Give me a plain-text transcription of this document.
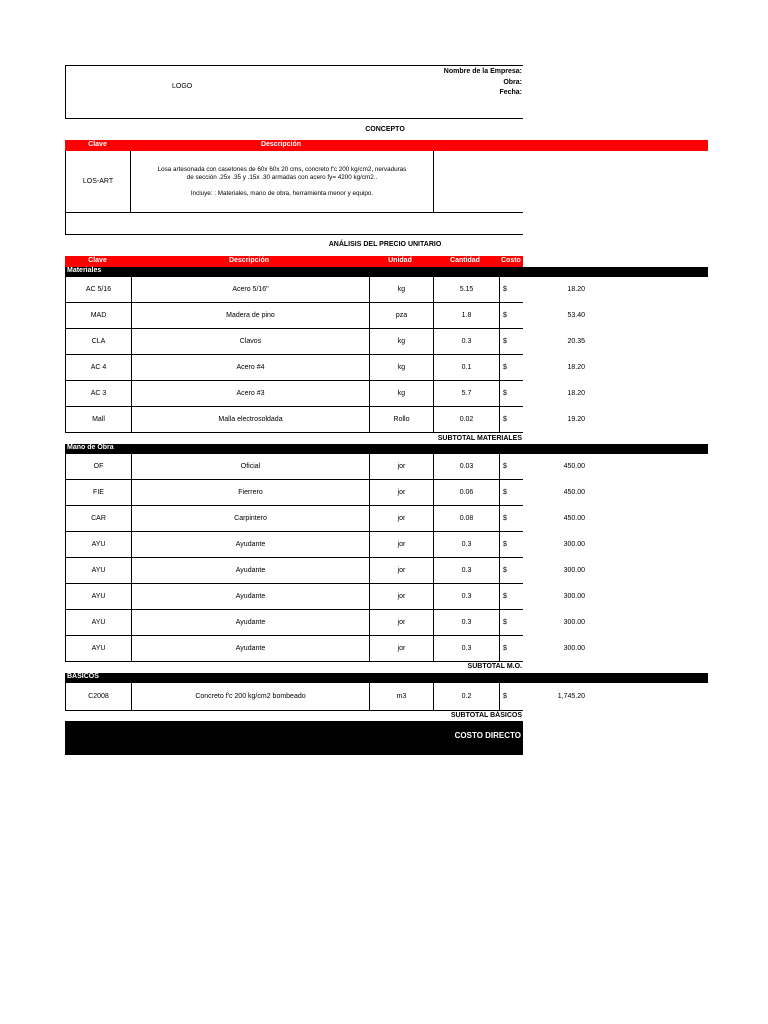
LOGO
Nombre de la Empresa:
Obra:
Fecha:
CONCEPTO
Clave	Descripción
LOS-ART
Losa artesonada con casetones de 60x 60x 20 cms, concreto f'c 200 kg/cm2, nervaduras
de sección .25x .35 y .15x .30 armadas con acero fy= 4200 kg/cm2..
Incluye: : Materiales, mano de obra, herramienta menor y equipo.
ANÁLISIS DEL PRECIO UNITARIO
Clave	Descripción	Unidad	Cantidad	Costo
Materiales
AC 5/16	Acero 5/16"	kg	5.15	$	18.20
MAD	Madera de pino	pza	1.8	$	53.40
CLA	Clavos	kg	0.3	$	20.35
AC 4	Acero #4	kg	0.1	$	18.20
AC 3	Acero #3	kg	5.7	$	18.20
Mall	Malla electrosoldada	Rollo	0.02	$	19.20
SUBTOTAL MATERIALES
Mano de Obra
OF	Oficial	jor	0.03	$	450.00
FIE	Fierrero	jor	0.06	$	450.00
CAR	Carpintero	jor	0.08	$	450.00
AYU	Ayudante	jor	0.3	$	300.00
AYU	Ayudante	jor	0.3	$	300.00
AYU	Ayudante	jor	0.3	$	300.00
AYU	Ayudante	jor	0.3	$	300.00
AYU	Ayudante	jor	0.3	$	300.00
SUBTOTAL M.O.
BÁSICOS
C2008	Concreto f'c 200 kg/cm2 bombeado	m3	0.2	$	1,745.20
SUBTOTAL BÁSICOS
COSTO DIRECTO
